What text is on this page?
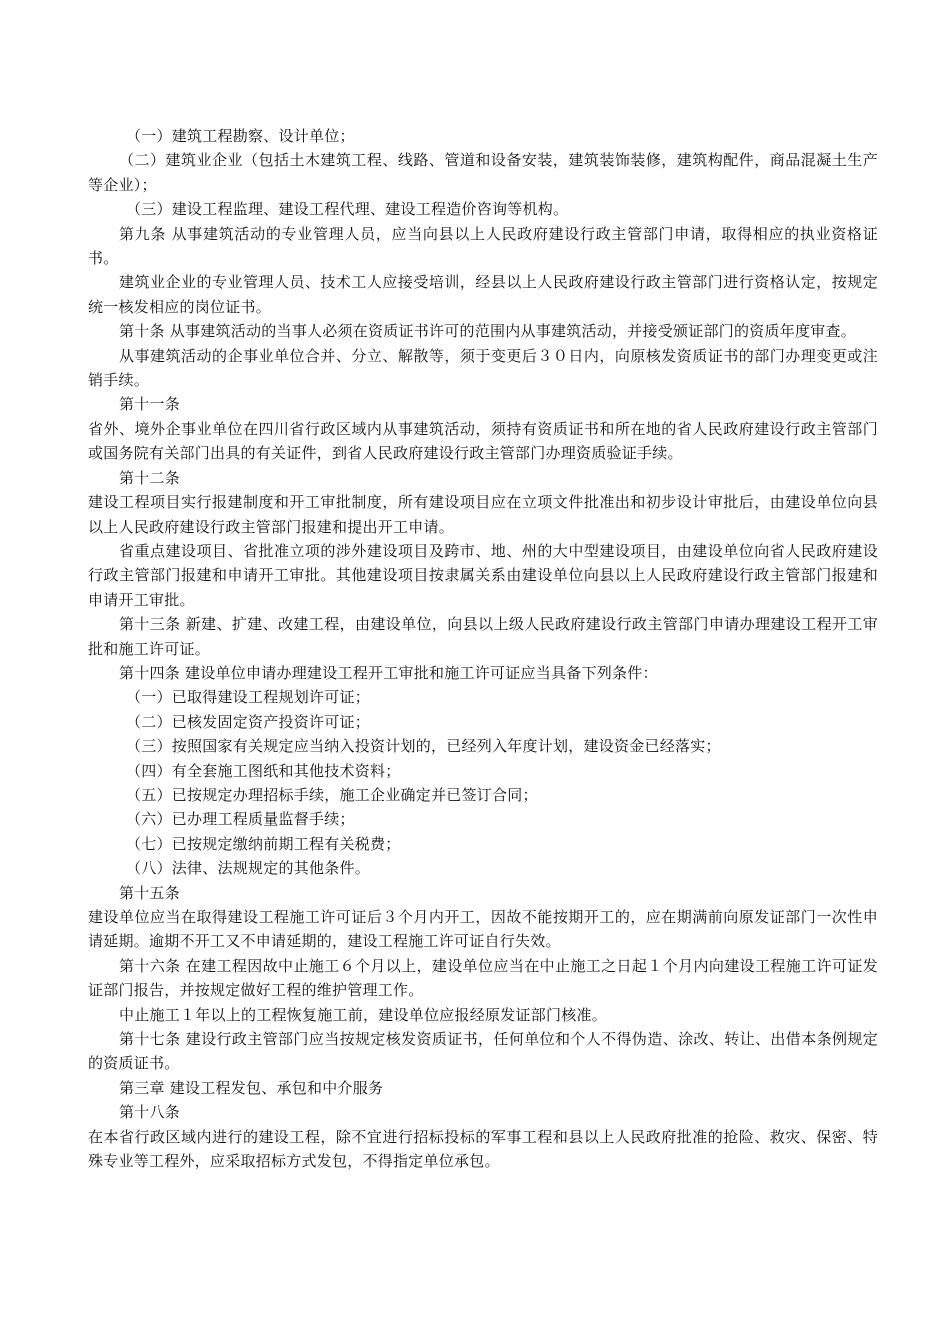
（一）建筑工程勘察、设计单位；

（二）建筑业企业（包括土木建筑工程、线路、管道和设备安装，建筑装饰装修，建筑构配件，商品混凝土生产等企业）；

（三）建设工程监理、建设工程代理、建设工程造价咨询等机构。

第九条 从事建筑活动的专业管理人员，应当向县以上人民政府建设行政主管部门申请，取得相应的执业资格证书。

建筑业企业的专业管理人员、技术工人应接受培训，经县以上人民政府建设行政主管部门进行资格认定，按规定统一核发相应的岗位证书。

第十条 从事建筑活动的当事人必须在资质证书许可的范围内从事建筑活动，并接受颁证部门的资质年度审查。

从事建筑活动的企事业单位合并、分立、解散等，须于变更后３０日内，向原核发资质证书的部门办理变更或注销手续。

第十一条

省外、境外企事业单位在四川省行政区域内从事建筑活动，须持有资质证书和所在地的省人民政府建设行政主管部门或国务院有关部门出具的有关证件，到省人民政府建设行政主管部门办理资质验证手续。

第十二条

建设工程项目实行报建制度和开工审批制度，所有建设项目应在立项文件批准出和初步设计审批后，由建设单位向县以上人民政府建设行政主管部门报建和提出开工申请。

省重点建设项目、省批准立项的涉外建设项目及跨市、地、州的大中型建设项目，由建设单位向省人民政府建设行政主管部门报建和申请开工审批。其他建设项目按隶属关系由建设单位向县以上人民政府建设行政主管部门报建和申请开工审批。

第十三条 新建、扩建、改建工程，由建设单位，向县以上级人民政府建设行政主管部门申请办理建设工程开工审批和施工许可证。

第十四条 建设单位申请办理建设工程开工审批和施工许可证应当具备下列条件：

（一）已取得建设工程规划许可证；

（二）已核发固定资产投资许可证；

（三）按照国家有关规定应当纳入投资计划的，已经列入年度计划，建设资金已经落实；

（四）有全套施工图纸和其他技术资料；

（五）已按规定办理招标手续，施工企业确定并已签订合同；

（六）已办理工程质量监督手续；

（七）已按规定缴纳前期工程有关税费；

（八）法律、法规规定的其他条件。

第十五条

建设单位应当在取得建设工程施工许可证后３个月内开工，因故不能按期开工的，应在期满前向原发证部门一次性申请延期。逾期不开工又不申请延期的，建设工程施工许可证自行失效。

第十六条 在建工程因故中止施工６个月以上，建设单位应当在中止施工之日起１个月内向建设工程施工许可证发证部门报告，并按规定做好工程的维护管理工作。

中止施工１年以上的工程恢复施工前，建设单位应报经原发证部门核准。

第十七条 建设行政主管部门应当按规定核发资质证书，任何单位和个人不得伪造、涂改、转让、出借本条例规定的资质证书。

第三章 建设工程发包、承包和中介服务

第十八条

在本省行政区域内进行的建设工程，除不宜进行招标投标的军事工程和县以上人民政府批准的抢险、救灾、保密、特殊专业等工程外，应采取招标方式发包，不得指定单位承包。
